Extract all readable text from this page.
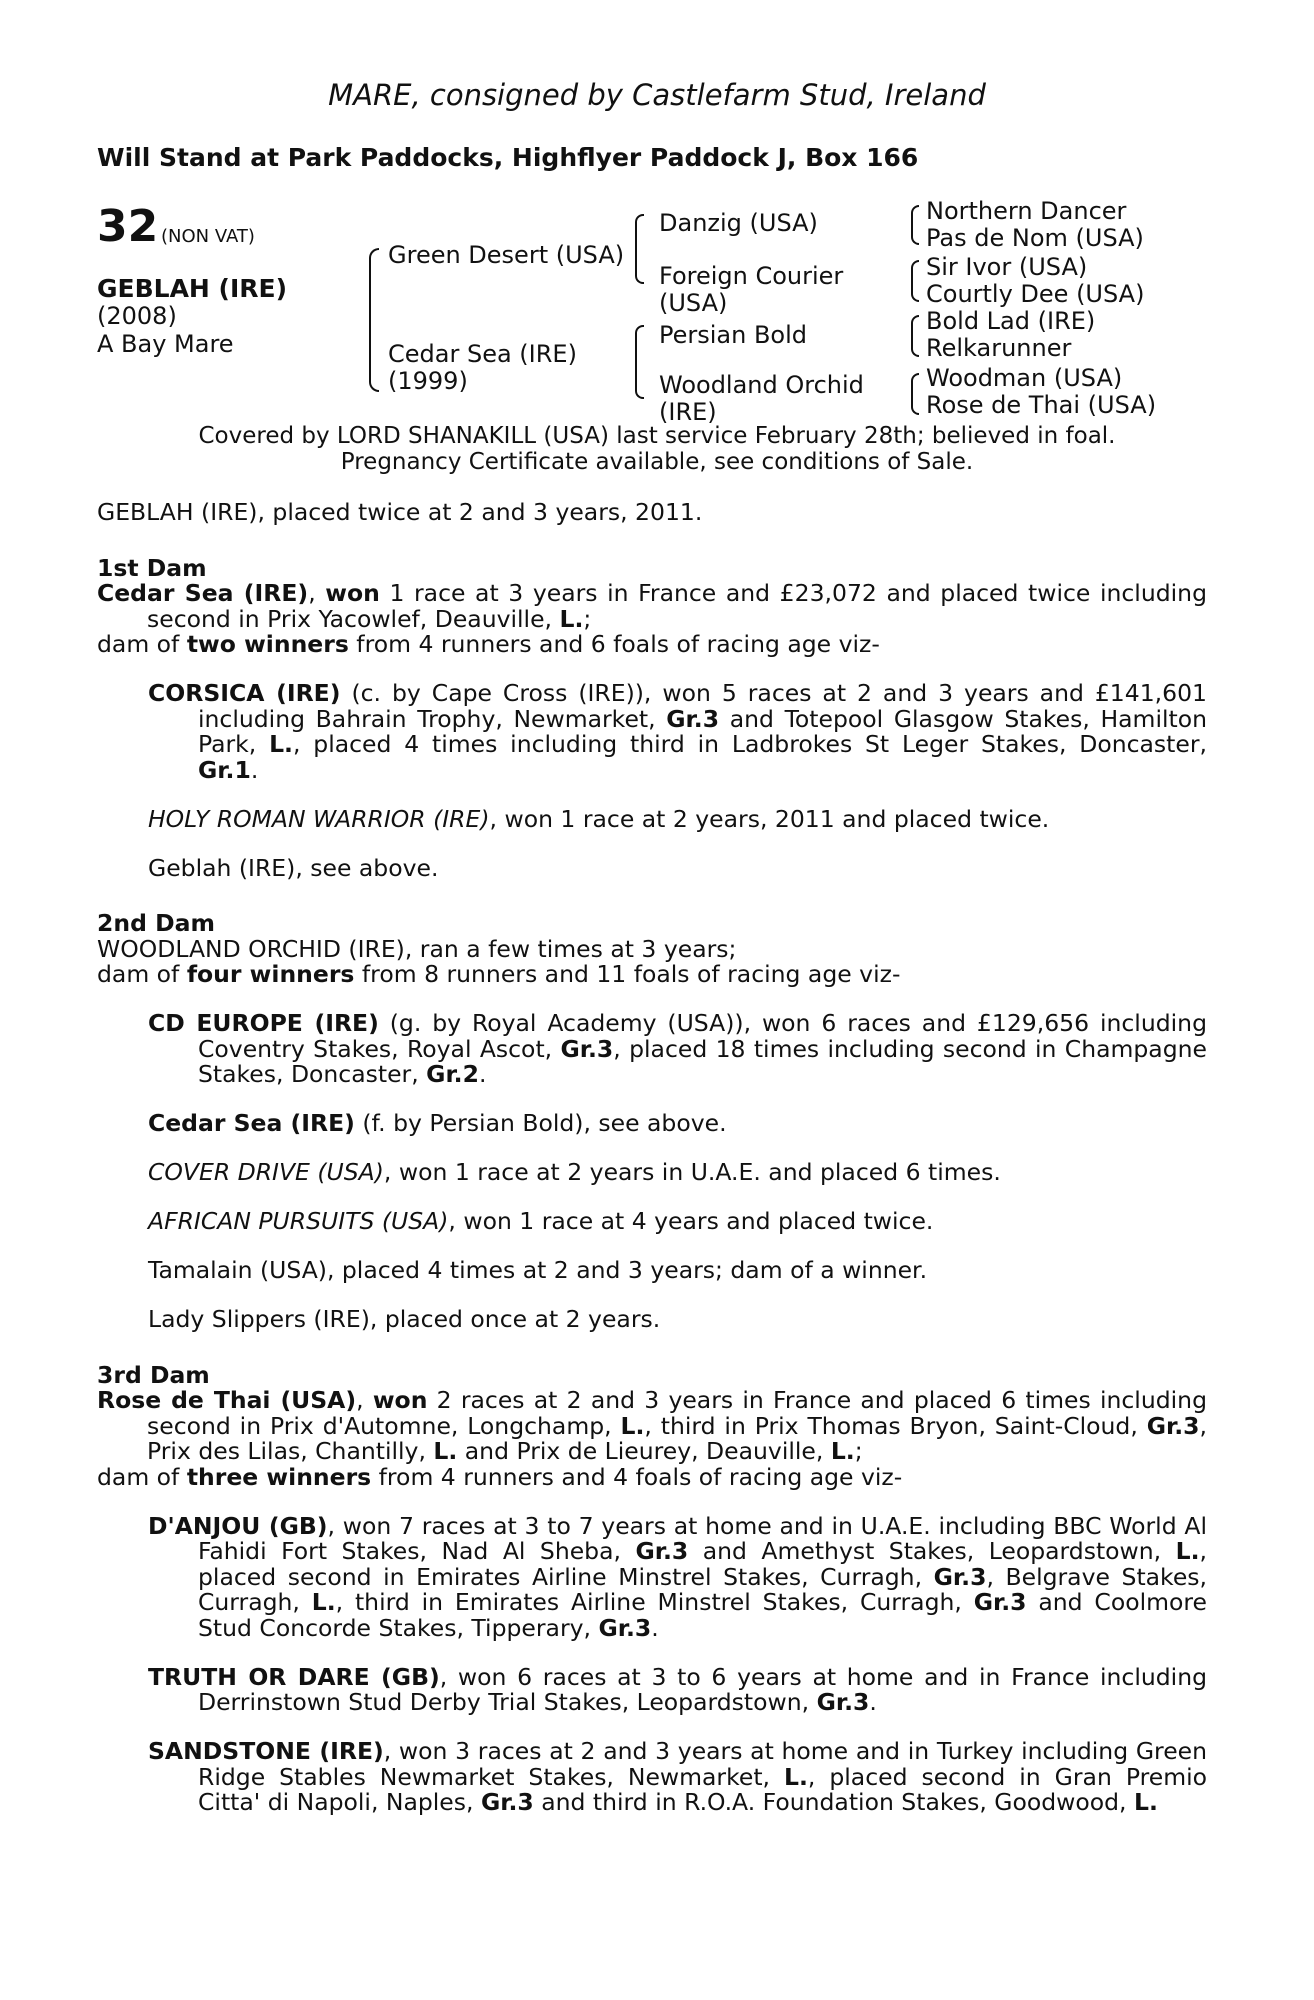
MARE, consigned by Castlefarm Stud, Ireland
Will Stand at Park Paddocks, Highflyer Paddock J, Box 166
32 (NON VAT)
GEBLAH (IRE)
(2008)
A Bay Mare
Green Desert (USA)
Cedar Sea (IRE)
(1999)
Danzig (USA)
Foreign Courier
(USA)
Persian Bold
Woodland Orchid
(IRE)
Northern Dancer
Pas de Nom (USA)
Sir Ivor (USA)
Courtly Dee (USA)
Bold Lad (IRE)
Relkarunner
Woodman (USA)
Rose de Thai (USA)
Covered by LORD SHANAKILL (USA) last service February 28th; believed in foal.
Pregnancy Certificate available, see conditions of Sale.

GEBLAH (IRE), placed twice at 2 and 3 years, 2011.

1st Dam

Cedar Sea (IRE), won 1 race at 3 years in France and £23,072 and placed twice including second in Prix Yacowlef, Deauville, L.;

dam of two winners from 4 runners and 6 foals of racing age viz-

CORSICA (IRE) (c. by Cape Cross (IRE)), won 5 races at 2 and 3 years and £141,601 including Bahrain Trophy, Newmarket, Gr.3 and Totepool Glasgow Stakes, Hamilton Park, L., placed 4 times including third in Ladbrokes St Leger Stakes, Doncaster, Gr.1.

HOLY ROMAN WARRIOR (IRE), won 1 race at 2 years, 2011 and placed twice.

Geblah (IRE), see above.

2nd Dam

WOODLAND ORCHID (IRE), ran a few times at 3 years;

dam of four winners from 8 runners and 11 foals of racing age viz-

CD EUROPE (IRE) (g. by Royal Academy (USA)), won 6 races and £129,656 including Coventry Stakes, Royal Ascot, Gr.3, placed 18 times including second in Champagne Stakes, Doncaster, Gr.2.

Cedar Sea (IRE) (f. by Persian Bold), see above.

COVER DRIVE (USA), won 1 race at 2 years in U.A.E. and placed 6 times.

AFRICAN PURSUITS (USA), won 1 race at 4 years and placed twice.

Tamalain (USA), placed 4 times at 2 and 3 years; dam of a winner.

Lady Slippers (IRE), placed once at 2 years.

3rd Dam

Rose de Thai (USA), won 2 races at 2 and 3 years in France and placed 6 times including second in Prix d'Automne, Longchamp, L., third in Prix Thomas Bryon, Saint-Cloud, Gr.3, Prix des Lilas, Chantilly, L. and Prix de Lieurey, Deauville, L.;

dam of three winners from 4 runners and 4 foals of racing age viz-

D'ANJOU (GB), won 7 races at 3 to 7 years at home and in U.A.E. including BBC World Al Fahidi Fort Stakes, Nad Al Sheba, Gr.3 and Amethyst Stakes, Leopardstown, L., placed second in Emirates Airline Minstrel Stakes, Curragh, Gr.3, Belgrave Stakes, Curragh, L., third in Emirates Airline Minstrel Stakes, Curragh, Gr.3 and Coolmore Stud Concorde Stakes, Tipperary, Gr.3.

TRUTH OR DARE (GB), won 6 races at 3 to 6 years at home and in France including Derrinstown Stud Derby Trial Stakes, Leopardstown, Gr.3.

SANDSTONE (IRE), won 3 races at 2 and 3 years at home and in Turkey including Green Ridge Stables Newmarket Stakes, Newmarket, L., placed second in Gran Premio Citta' di Napoli, Naples, Gr.3 and third in R.O.A. Foundation Stakes, Goodwood, L.
